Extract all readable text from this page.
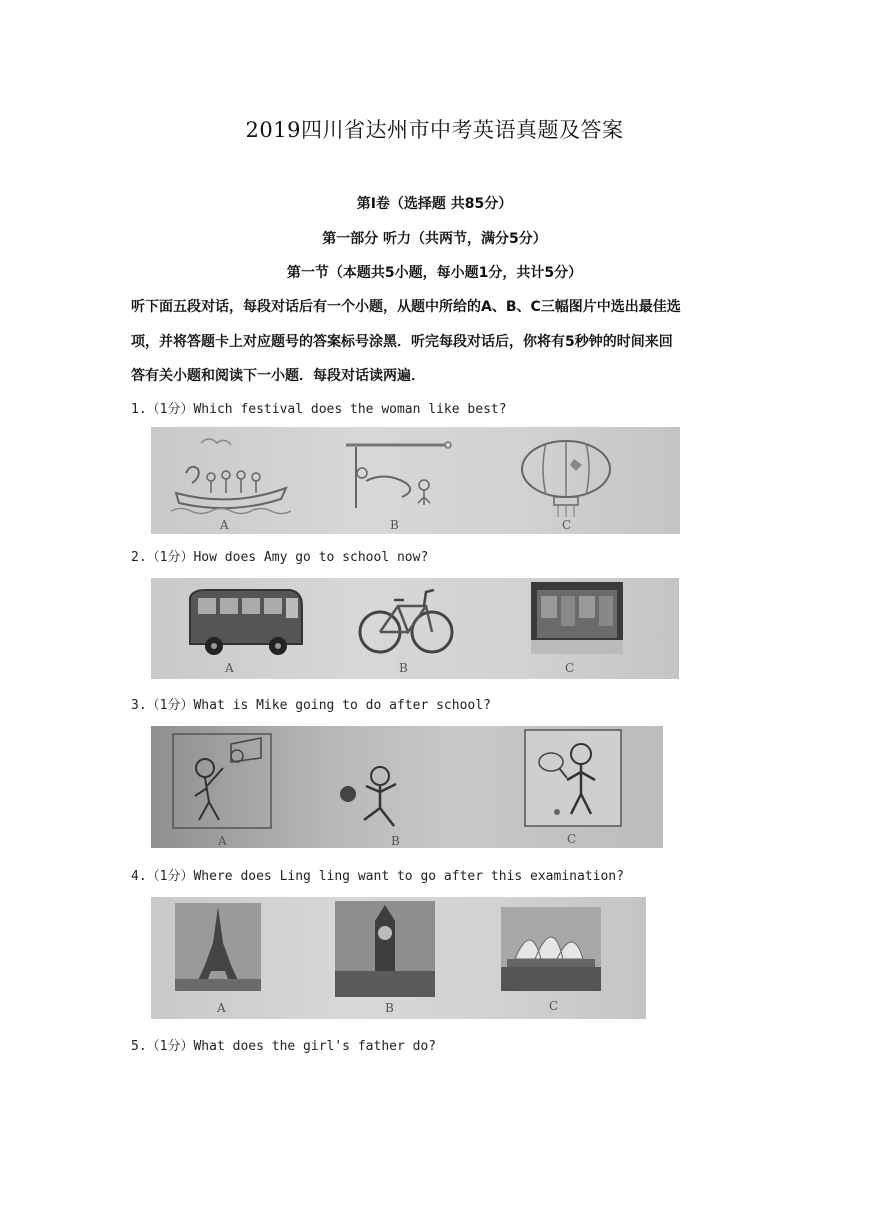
2019四川省达州市中考英语真题及答案
第Ⅰ卷（选择题 共85分）
第一部分 听力（共两节，满分5分）
第一节（本题共5小题，每小题1分，共计5分）
听下面五段对话，每段对话后有一个小题，从题中所给的A、B、C三幅图片中选出最佳选
项，并将答题卡上对应题号的答案标号涂黑．听完每段对话后，你将有5秒钟的时间来回
答有关小题和阅读下一小题．每段对话读两遍．
1.（1分）Which festival does the woman like best?
A	B	C
2.（1分）How does Amy go to school now?
A	B	C
3.（1分）What is Mike going to do after school?
A	B	C
4.（1分）Where does Ling ling want to go after this examination?
A	B	C
5.（1分）What does the girl's father do?
